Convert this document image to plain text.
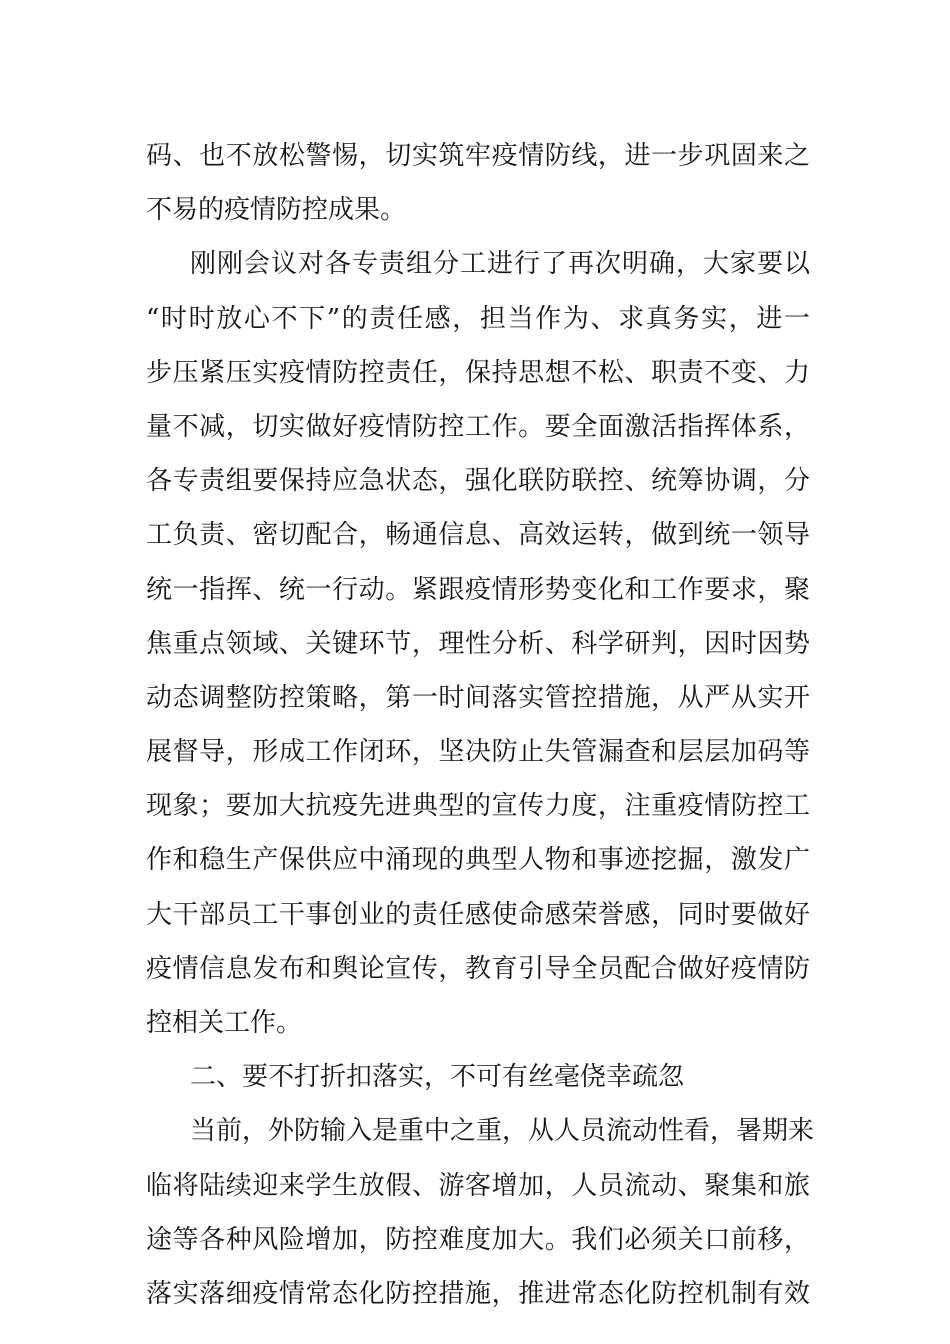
码、也不放松警惕，切实筑牢疫情防线，进一步巩固来之
不易的疫情防控成果。
刚刚会议对各专责组分工进行了再次明确，大家要以
“时时放心不下”的责任感，担当作为、求真务实，进一
步压紧压实疫情防控责任，保持思想不松、职责不变、力
量不减，切实做好疫情防控工作。要全面激活指挥体系，
各专责组要保持应急状态，强化联防联控、统筹协调，分
工负责、密切配合，畅通信息、高效运转，做到统一领导
统一指挥、统一行动。紧跟疫情形势变化和工作要求，聚
焦重点领域、关键环节，理性分析、科学研判，因时因势
动态调整防控策略，第一时间落实管控措施，从严从实开
展督导，形成工作闭环，坚决防止失管漏查和层层加码等
现象；要加大抗疫先进典型的宣传力度，注重疫情防控工
作和稳生产保供应中涌现的典型人物和事迹挖掘，激发广
大干部员工干事创业的责任感使命感荣誉感，同时要做好
疫情信息发布和舆论宣传，教育引导全员配合做好疫情防
控相关工作。
二、要不打折扣落实，不可有丝毫侥幸疏忽
当前，外防输入是重中之重，从人员流动性看，暑期来
临将陆续迎来学生放假、游客增加，人员流动、聚集和旅
途等各种风险增加，防控难度加大。我们必须关口前移，
落实落细疫情常态化防控措施，推进常态化防控机制有效
